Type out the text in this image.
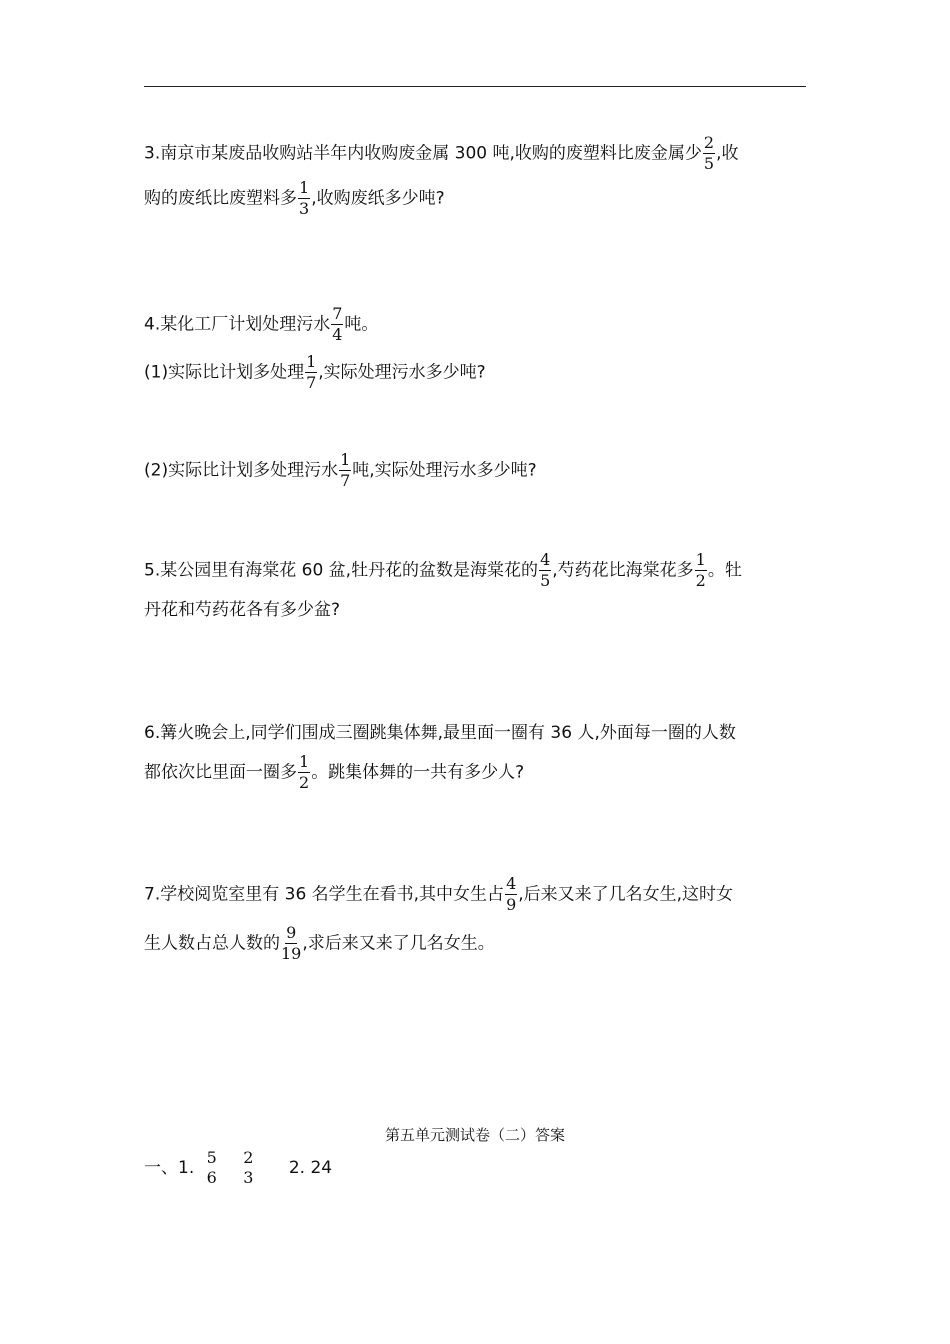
3.南京市某废品收购站半年内收购废金属 300 吨,收购的废塑料比废金属少 $\frac{2}{5}$ ,收
购的废纸比废塑料多 $\frac{1}{3}$ ,收购废纸多少吨?
4.某化工厂计划处理污水 $\frac{7}{4}$ 吨。
(1)实际比计划多处理 $\frac{1}{7}$ ,实际处理污水多少吨?
(2)实际比计划多处理污水 $\frac{1}{7}$ 吨,实际处理污水多少吨?
5.某公园里有海棠花 60 盆,牡丹花的盆数是海棠花的 $\frac{4}{5}$ ,芍药花比海棠花多 $\frac{1}{2}$ 。牡
丹花和芍药花各有多少盆?
6.篝火晚会上,同学们围成三圈跳集体舞,最里面一圈有 36 人,外面每一圈的人数
都依次比里面一圈多 $\frac{1}{2}$ 。跳集体舞的一共有多少人?
7.学校阅览室里有 36 名学生在看书,其中女生占 $\frac{4}{9}$ ,后来又来了几名女生,这时女
生人数占总人数的 $\frac{9}{19}$ ,求后来又来了几名女生。
第五单元测试卷（二）答案
一、1.
5
6

2
3 2. 24
